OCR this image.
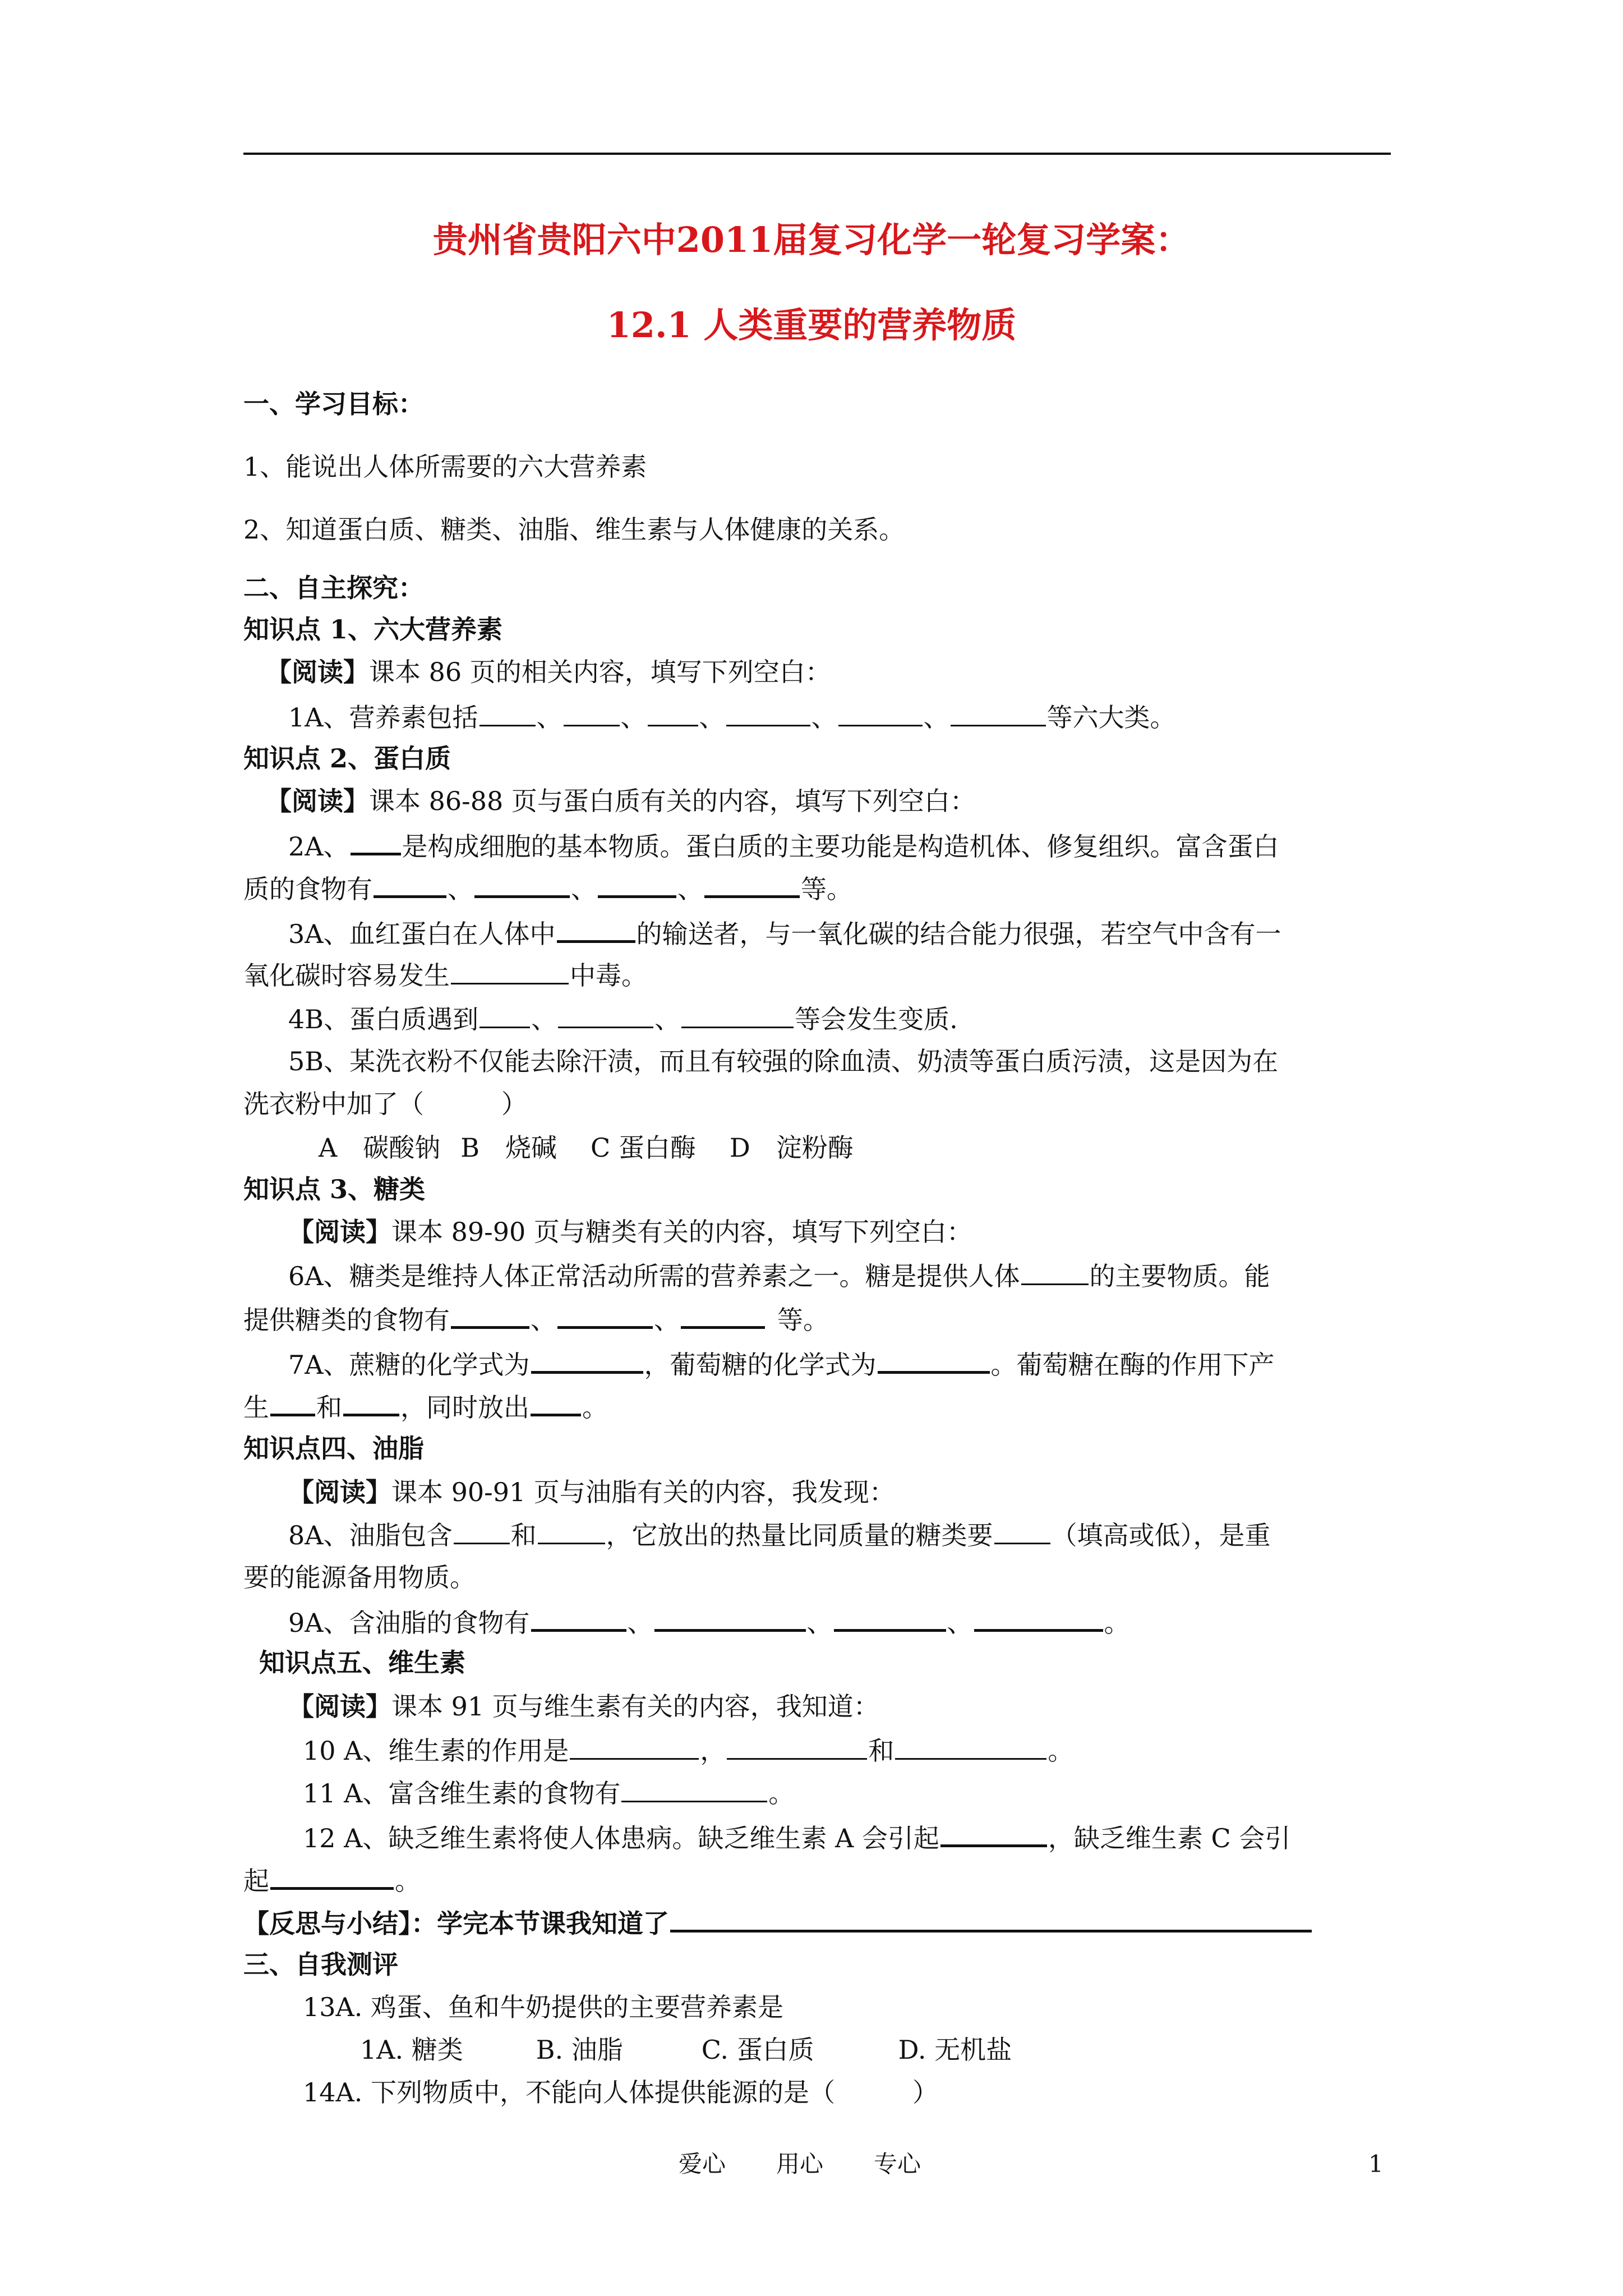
贵州省贵阳六中2011届复习化学一轮复习学案：
12.1 人类重要的营养物质
一、学习目标：
1、能说出人体所需要的六大营养素
2、知道蛋白质、糖类、油脂、维生素与人体健康的关系。
二、自主探究：
知识点 1、六大营养素
【阅读】课本 86 页的相关内容，填写下列空白：
1A、营养素包括 、 、 、	、	、	等六大类。
知识点 2、蛋白质
【阅读】课本 86-88 页与蛋白质有关的内容，填写下列空白：
2A、 是构成细胞的基本物质。蛋白质的主要功能是构造机体、修复组织。富含蛋白
质的食物有	、	、	、	等。
3A、血红蛋白在人体中	的输送者，与一氧化碳的结合能力很强，若空气中含有一
氧化碳时容易发生	中毒。
4B、蛋白质遇到 、	、	等会发生变质.
5B、某洗衣粉不仅能去除汗渍，而且有较强的除血渍、奶渍等蛋白质污渍，这是因为在
洗衣粉中加了（　　　）
A　碳酸钠 B　烧碱 C 蛋白酶 D　淀粉酶
知识点 3、糖类
【阅读】课本 89-90 页与糖类有关的内容，填写下列空白：
6A、糖类是维持人体正常活动所需的营养素之一。糖是提供人体	的主要物质。能
提供糖类的食物有	、	、	等。
7A、蔗糖的化学式为	，葡萄糖的化学式为	。葡萄糖在酶的作用下产
生 和 ，同时放出 。
知识点四、油脂
【阅读】课本 90-91 页与油脂有关的内容，我发现：
8A、油脂包含 和	，它放出的热量比同质量的糖类要 （填高或低），是重
要的能源备用物质。
9A、含油脂的食物有	、	、	、	。
知识点五、维生素
【阅读】课本 91 页与维生素有关的内容，我知道：
10 A、维生素的作用是	，	和	。
11 A、富含维生素的食物有	。
12 A、缺乏维生素将使人体患病。缺乏维生素 A 会引起	，缺乏维生素 C 会引
起	。
【反思与小结】：学完本节课我知道了
三、自我测评
13A. 鸡蛋、鱼和牛奶提供的主要营养素是
1A. 糖类	B. 油脂	C. 蛋白质	D. 无机盐
14A. 下列物质中，不能向人体提供能源的是（　　　）
爱心 用心 专心	1
